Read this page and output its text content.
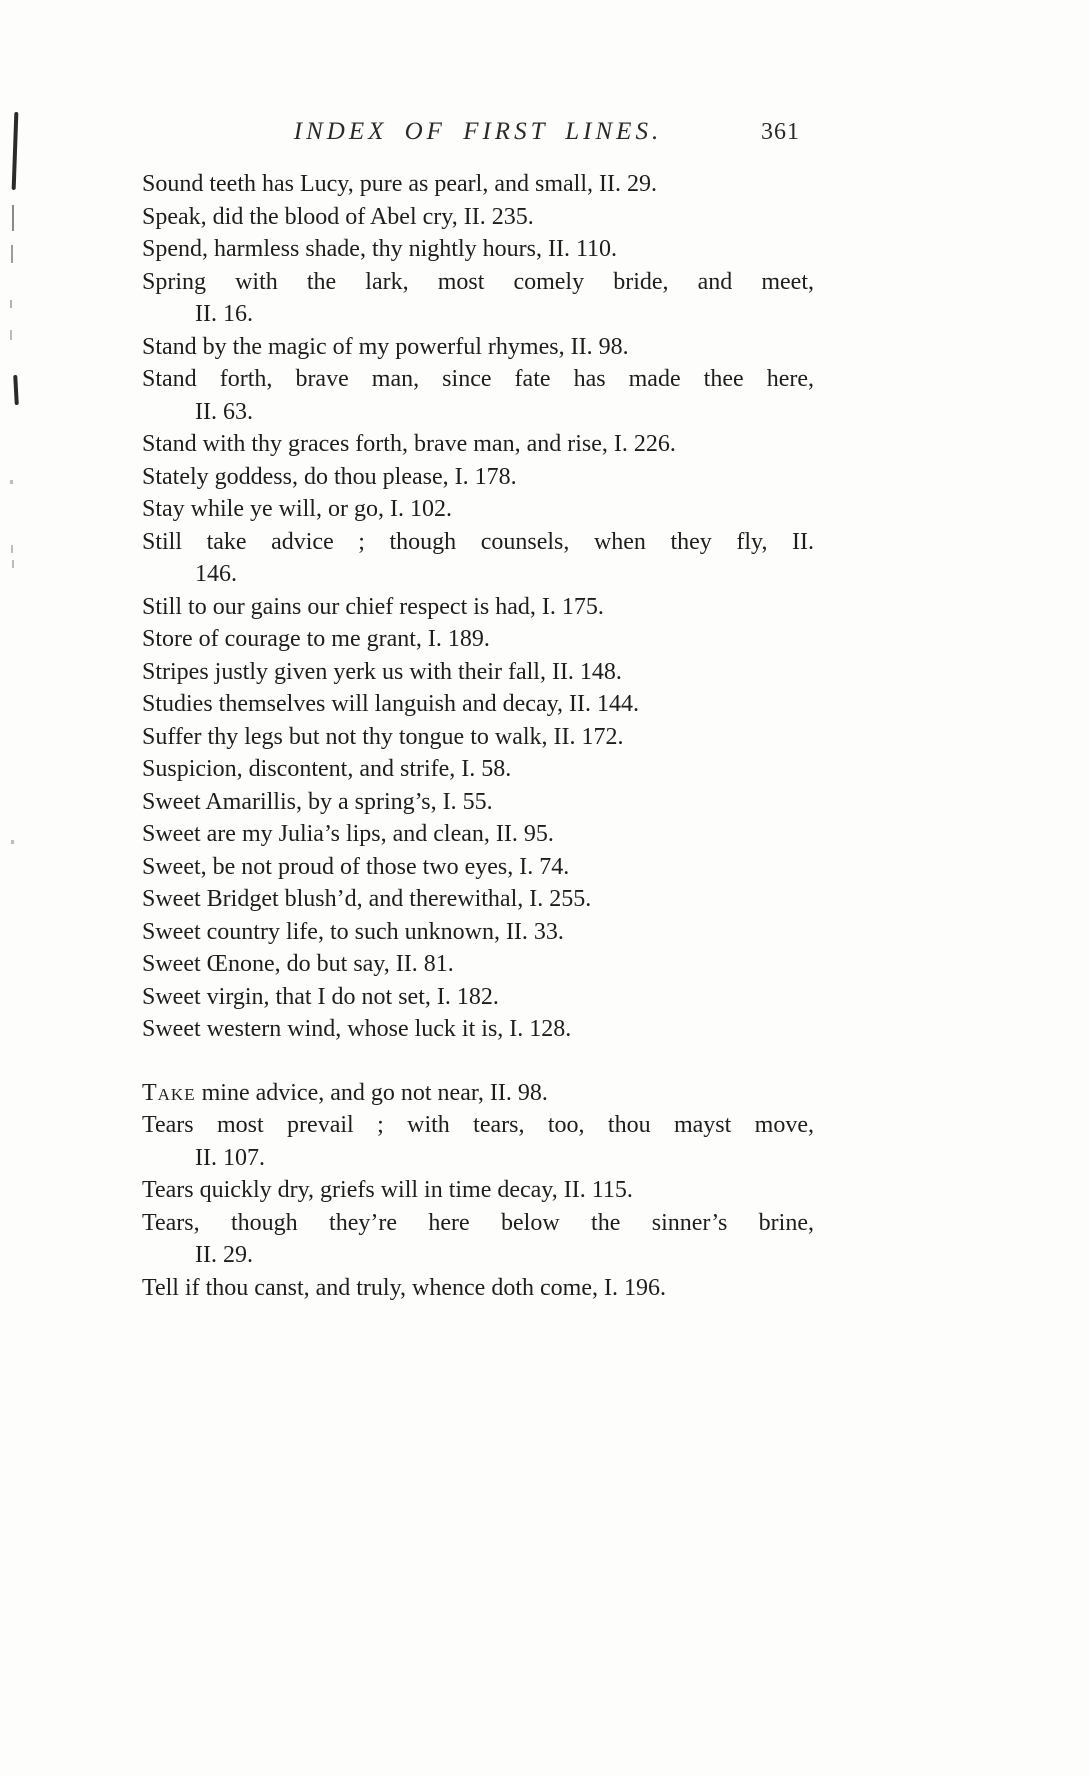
INDEX OF FIRST LINES.	361

Sound teeth has Lucy, pure as pearl, and small, II. 29.

Speak, did the blood of Abel cry, II. 235.

Spend, harmless shade, thy nightly hours, II. 110.

Spring with the lark, most comely bride, and meet,
II. 16.

Stand by the magic of my powerful rhymes, II. 98.

Stand forth, brave man, since fate has made thee here,
II. 63.

Stand with thy graces forth, brave man, and rise, I. 226.

Stately goddess, do thou please, I. 178.

Stay while ye will, or go, I. 102.

Still take advice ; though counsels, when they fly, II.
146.

Still to our gains our chief respect is had, I. 175.

Store of courage to me grant, I. 189.

Stripes justly given yerk us with their fall, II. 148.

Studies themselves will languish and decay, II. 144.

Suffer thy legs but not thy tongue to walk, II. 172.

Suspicion, discontent, and strife, I. 58.

Sweet Amarillis, by a spring’s, I. 55.

Sweet are my Julia’s lips, and clean, II. 95.

Sweet, be not proud of those two eyes, I. 74.

Sweet Bridget blush’d, and therewithal, I. 255.

Sweet country life, to such unknown, II. 33.

Sweet Œnone, do but say, II. 81.

Sweet virgin, that I do not set, I. 182.

Sweet western wind, whose luck it is, I. 128.

Take mine advice, and go not near, II. 98.

Tears most prevail ; with tears, too, thou mayst move,
II. 107.

Tears quickly dry, griefs will in time decay, II. 115.

Tears, though they’re here below the sinner’s brine,
II. 29.

Tell if thou canst, and truly, whence doth come, I. 196.
